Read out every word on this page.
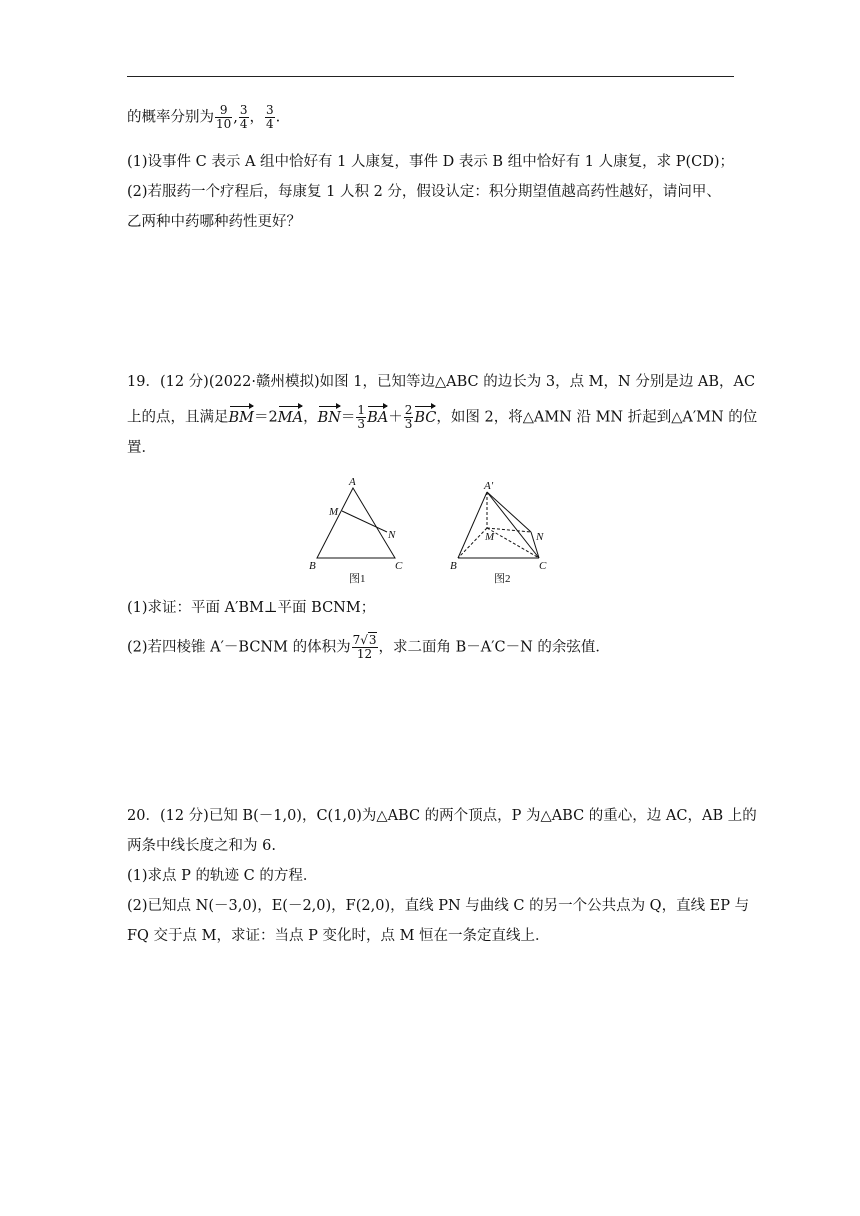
的概率分别为 $\frac{9}{10}$ , $\frac{3}{4}$ ， $\frac{3}{4}$ .
(1)设事件 C 表示 A 组中恰好有 1 人康复，事件 D 表示 B 组中恰好有 1 人康复，求 P(CD)；
(2)若服药一个疗程后，每康复 1 人积 2 分，假设认定：积分期望值越高药性越好，请问甲、
乙两种中药哪种药性更好？
19．(12 分)(2022·赣州模拟)如图 1，已知等边△ABC 的边长为 3，点 M，N 分别是边 AB，AC
上的点，且满足BM＝2MA，$BN= \frac{1}{3} BA+ \frac{2}{3}$ BC，如图 2，将△AMN 沿 MN 折起到△A′MN 的位
置．
A
M
N
B	C
图1
A′
M	N
B	C
图2
(1)求证：平面 A′BM⊥平面 BCNM；
(2)若四棱锥 A′－BCNM 的体积为 $\frac{7√3}{12}$ ，求二面角 B－A′C－N 的余弦值．
20．(12 分)已知 B(－1,0)，C(1,0)为△ABC 的两个顶点，P 为△ABC 的重心，边 AC，AB 上的
两条中线长度之和为 6.
(1)求点 P 的轨迹 C 的方程．
(2)已知点 N(－3,0)，E(－2,0)，F(2,0)，直线 PN 与曲线 C 的另一个公共点为 Q，直线 EP 与
FQ 交于点 M，求证：当点 P 变化时，点 M 恒在一条定直线上．
